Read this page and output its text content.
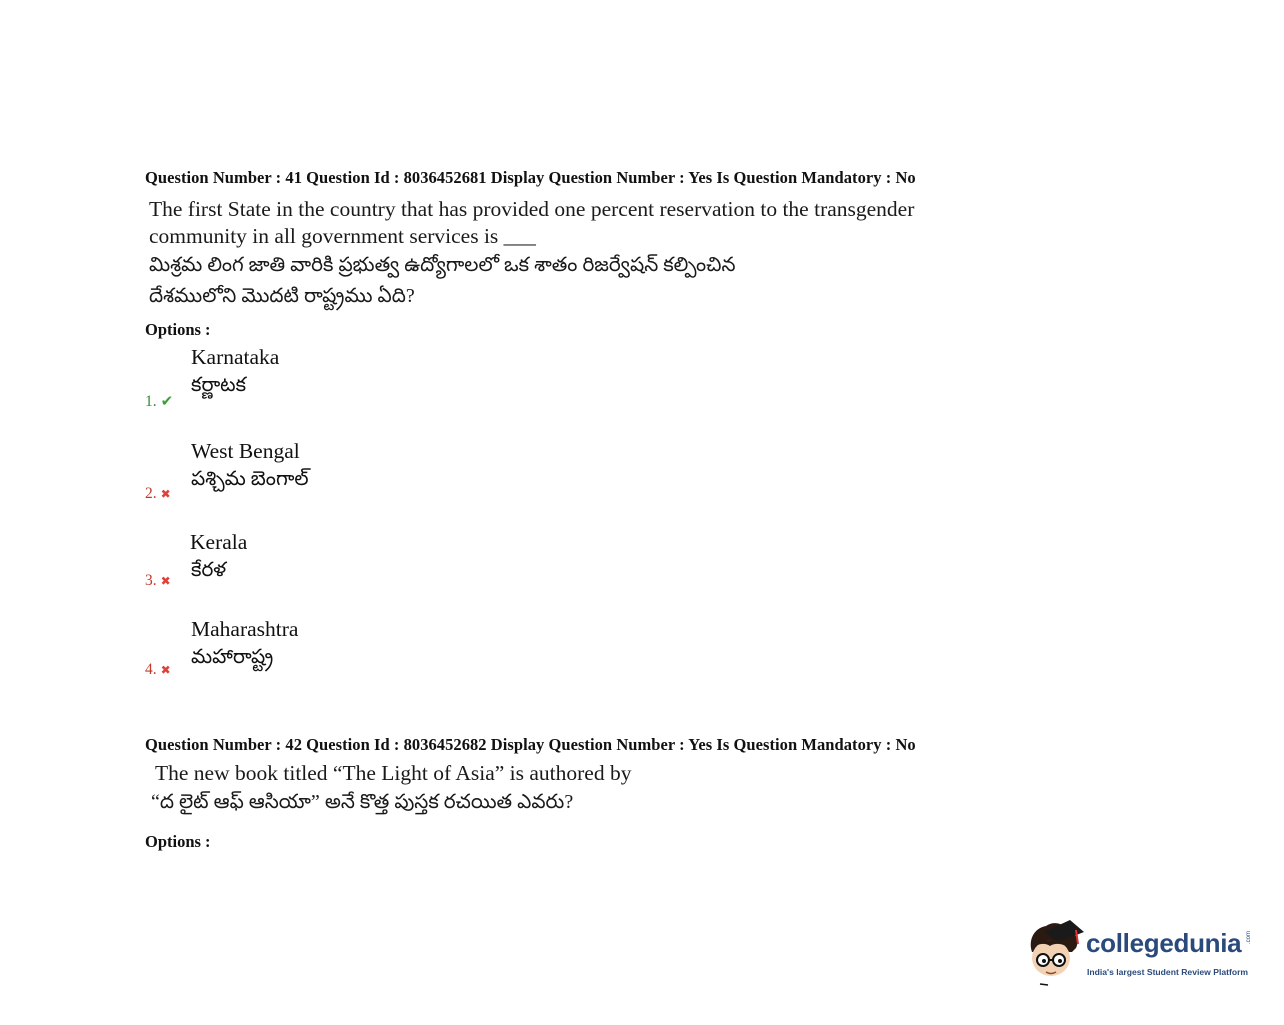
Question Number : 41 Question Id : 8036452681 Display Question Number : Yes Is Question Mandatory : No
The first State in the country that has provided one percent reservation to the transgender
community in all government services is ___
మిశ్రమ లింగ జాతి వారికి ప్రభుత్వ ఉద్యోగాలలో ఒక శాతం రిజర్వేషన్ కల్పించిన
దేశములోని మొదటి రాష్ట్రము ఏది?
Options :
Karnataka
కర్ణాటక
1. ✔
West Bengal
పశ్చిమ బెంగాల్
2. ✖
Kerala
కేరళ
3. ✖
Maharashtra
మహారాష్ట్ర
4. ✖
Question Number : 42 Question Id : 8036452682 Display Question Number : Yes Is Question Mandatory : No
The new book titled “The Light of Asia” is authored by
“ద లైట్ ఆఫ్ ఆసియా” అనే కొత్త పుస్తక రచయిత ఎవరు?
Options :
collegedunia .com
India's largest Student Review Platform
